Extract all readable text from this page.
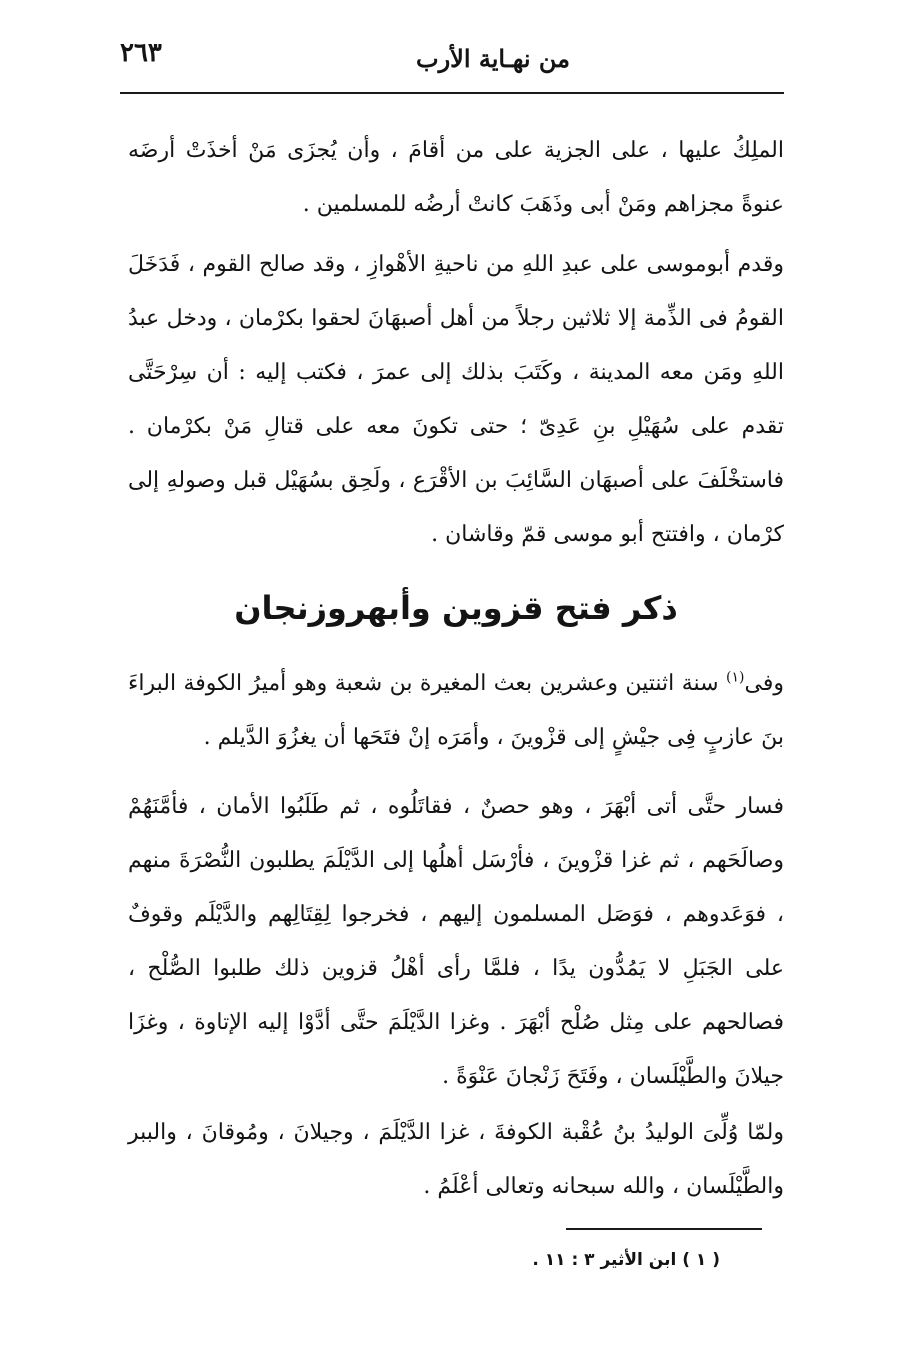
٢٦٣	من نهـاية الأرب

الملِكُ عليها ، على الجزية على من أقامَ ، وأن يُجزَى مَنْ أخذَتْ أرضَه عنوةً مجزاهم ومَنْ أبى وذَهَبَ كانتْ أرضُه للمسلمين .

وقدم أبوموسى على عبدِ اللهِ من ناحيةِ الأهْوازِ ، وقد صالح القوم ، فَدَخَلَ القومُ فى الذِّمة إلا ثلاثين رجلاً من أهل أصبهَانَ لحقوا بكرْمان ، ودخل عبدُ اللهِ ومَن معه المدينة ، وكَتَبَ بذلك إلى عمرَ ، فكتب إليه : أن سِرْحَتَّى تقدم على سُهَيْلِ بنِ عَدِىّ ؛ حتى تكونَ معه على قتالِ مَنْ بكرْمان . فاستخْلَفَ على أصبهَان السَّائِبَ بن الأقْرَع ، ولَحِق بسُهَيْل قبل وصولهِ إلى كرْمان ، وافتتح أبو موسى قمّ وقاشان .

ذكر فتح قزوين وأبهروزنجان

وفى$^{(١)}$ سنة اثنتين وعشرين بعث المغيرة بن شعبة وهو أميرُ الكوفة البراءَ بنَ عازبٍ فِى جيْشٍ إلى قزْوينَ ، وأمَرَه إنْ فتَحَها أن يغزُوَ الدَّيلم .

فسار حتَّى أتى أبْهَرَ ، وهو حصنٌ ، فقاتَلُوه ، ثم طَلَبُوا الأمان ، فأمَّنَهُمْ وصالَحَهم ، ثم غزا قزْوينَ ، فأرْسَل أهلُها إلى الدَّيْلَمَ يطلبون النُّصْرَةَ منهم ، فوَعَدوهم ، فوَصَل المسلمون إليهم ، فخرجوا لِقِتَالِهم والدَّيْلَم وقوفٌ على الجَبَلِ لا يَمُدُّون يدًا ، فلمَّا رأى أهْلُ قزوين ذلك طلبوا الصُّلْح ، فصالحهم على مِثل صُلْح أبْهَرَ . وغزا الدَّيْلَمَ حتَّى أدَّوْا إليه الإتاوة ، وغزَا جيلانَ والطَّيْلَسان ، وفَتَحَ زَنْجانَ عَنْوَةً .

ولمّا وُلِّىَ الوليدُ بنُ عُقْبة الكوفةَ ، غزا الدَّيْلَمَ ، وجيلانَ ، ومُوقانَ ، والببر والطَّيْلَسان ، والله سبحانه وتعالى أعْلَمُ .

( ١ ) ابن الأثير ٣ : ١١ .
